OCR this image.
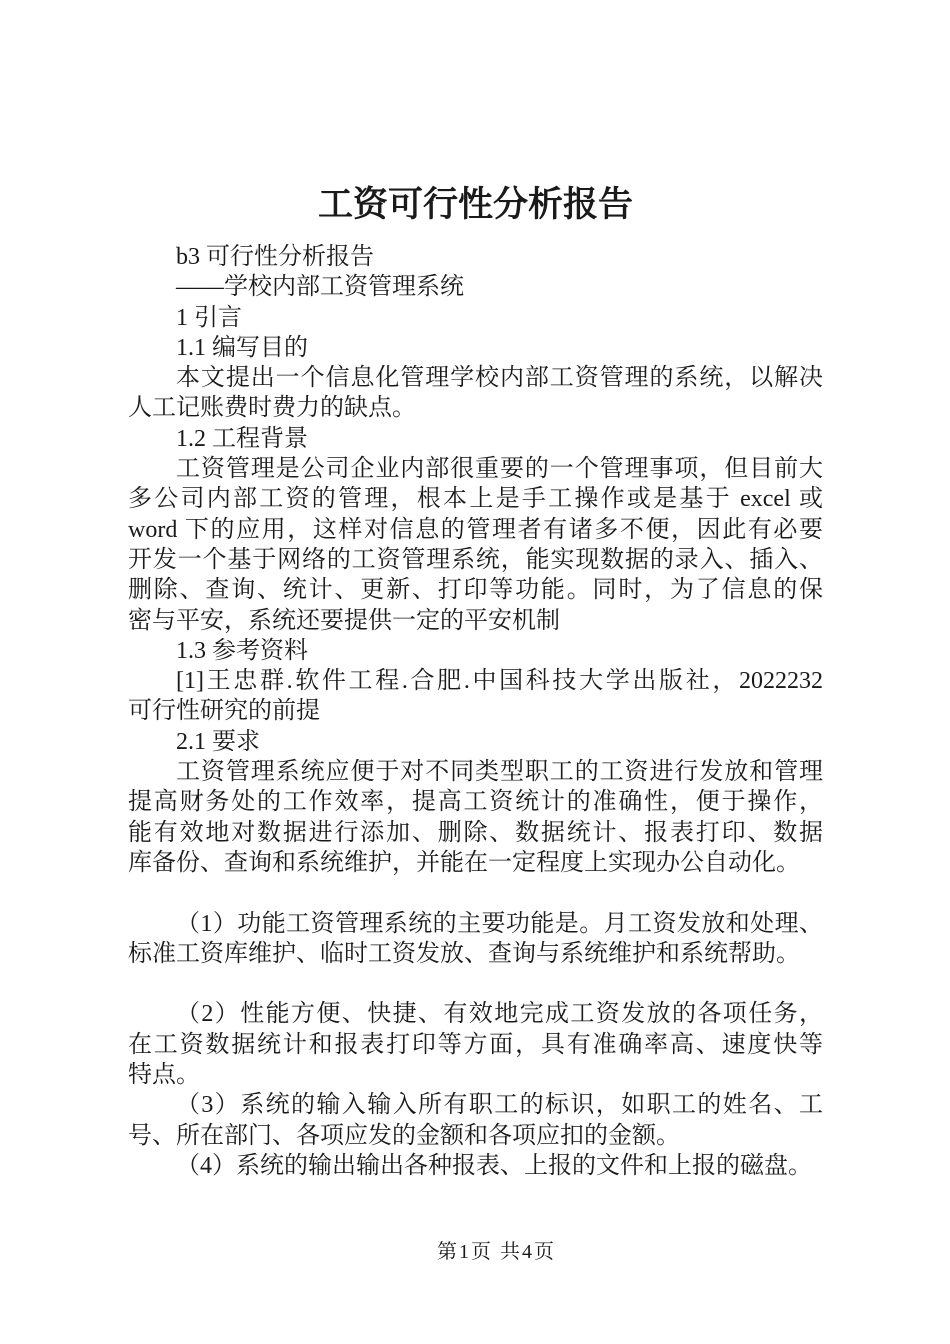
工资可行性分析报告
b3 可行性分析报告
——学校内部工资管理系统
1 引言
1.1 编写目的
本文提出一个信息化管理学校内部工资管理的系统，以解决
人工记账费时费力的缺点。
1.2 工程背景
工资管理是公司企业内部很重要的一个管理事项，但目前大
多公司内部工资的管理，根本上是手工操作或是基于 excel 或
word 下的应用，这样对信息的管理者有诸多不便，因此有必要
开发一个基于网络的工资管理系统，能实现数据的录入、插入、
删除、查询、统计、更新、打印等功能。同时，为了信息的保
密与平安，系统还要提供一定的平安机制
1.3 参考资料
[1]王忠群.软件工程.合肥.中国科技大学出版社，2022232
可行性研究的前提
2.1 要求
工资管理系统应便于对不同类型职工的工资进行发放和管理
提高财务处的工作效率，提高工资统计的准确性，便于操作，
能有效地对数据进行添加、删除、数据统计、报表打印、数据
库备份、查询和系统维护，并能在一定程度上实现办公自动化。

（1）功能工资管理系统的主要功能是。月工资发放和处理、
标准工资库维护、临时工资发放、查询与系统维护和系统帮助。

（2）性能方便、快捷、有效地完成工资发放的各项任务，
在工资数据统计和报表打印等方面，具有准确率高、速度快等
特点。
（3）系统的输入输入所有职工的标识，如职工的姓名、工
号、所在部门、各项应发的金额和各项应扣的金额。
（4）系统的输出输出各种报表、上报的文件和上报的磁盘。
第1页 共4页
